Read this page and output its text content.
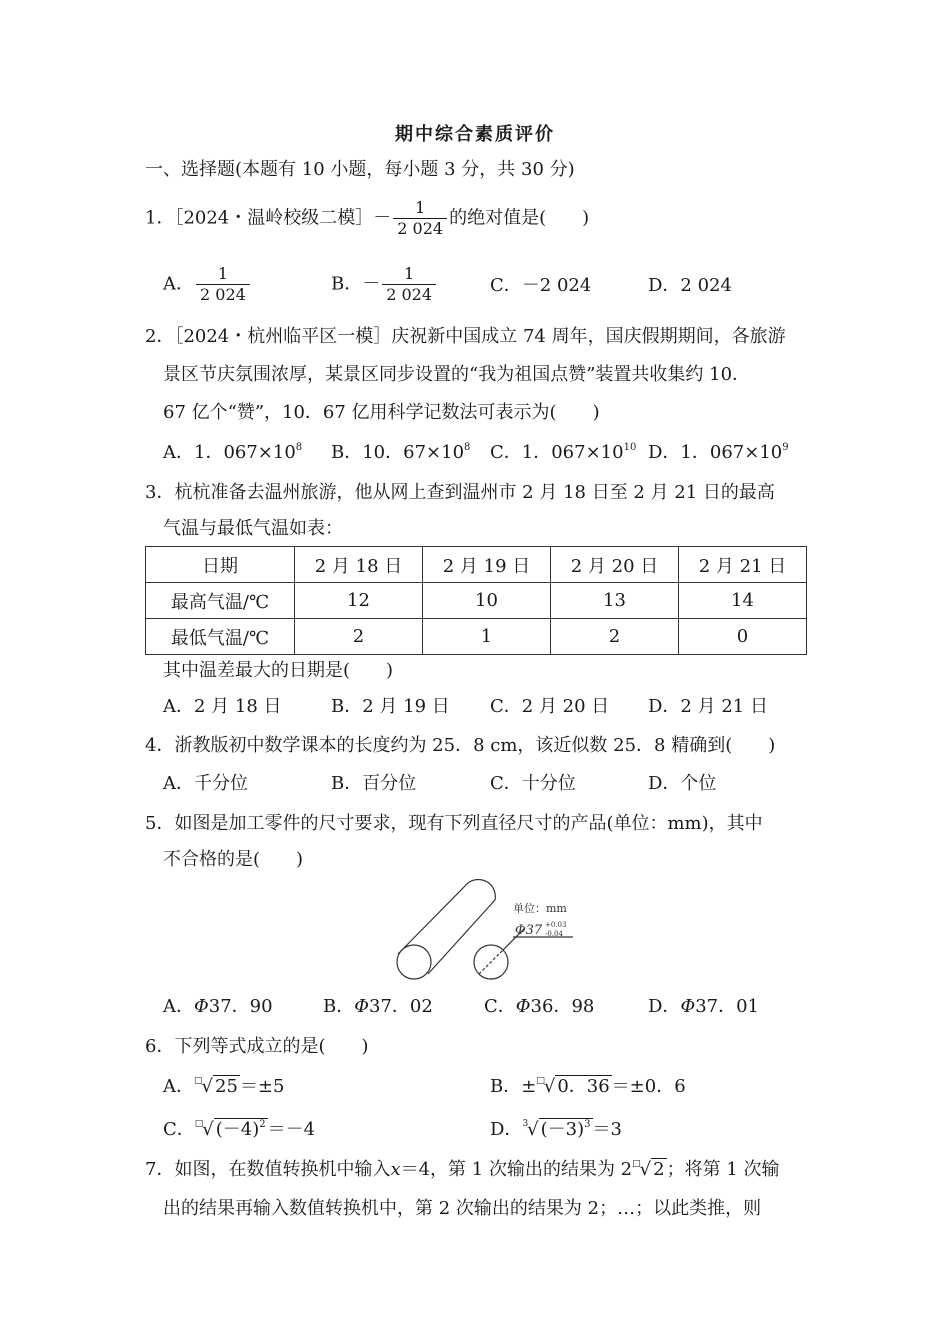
期中综合素质评价
一、选择题(本题有 10 小题，每小题 3 分，共 30 分)
1．［2024・温岭校级二模］－ $\frac{1}{2 024}$ 的绝对值是(　　)
A． $\frac{1}{2 024}$	B．－ $\frac{1}{2 024}$	C．－2 024	D．2 024
2．［2024・杭州临平区一模］庆祝新中国成立 74 周年，国庆假期期间，各旅游
景区节庆氛围浓厚，某景区同步设置的“我为祖国点赞”装置共收集约 10．
67 亿个“赞”，10．67 亿用科学记数法可表示为(　　)
A．1．$067\times 10^8$ B．10．$67\times 10^8$ C．1．$067\times 10^{10}$ D．1．$067\times 10^9$
3．杭杭准备去温州旅游，他从网上查到温州市 2 月 18 日至 2 月 21 日的最高
气温与最低气温如表：
日期	2 月 18 日	2 月 19 日	2 月 20 日	2 月 21 日
最高气温/℃	12	10	13	14
最低气温/℃	2	1	2	0
其中温差最大的日期是(　　)
A．2 月 18 日	B．2 月 19 日 C．2 月 20 日 D．2 月 21 日
4．浙教版初中数学课本的长度约为 25．8 cm，该近似数 25．8 精确到(　　)
A．千分位	B．百分位	C．十分位	D．个位
5．如图是加工零件的尺寸要求，现有下列直径尺寸的产品(单位：mm)，其中
不合格的是(　　)
单位：mm
Φ37 +0.03
-0.04
A．Φ37．90	B．Φ37．02	C．Φ36．98	D．Φ37．01
6．下列等式成立的是(　　)
A．□√ 25 ＝±5	B．±□√ 0．36 ＝±0．6
C．□√ $(-4)^2 =-4$	D．$^3$√ $(-3)^3 =3$
7．如图，在数值转换机中输入x＝4，第 1 次输出的结果为 2□√ 2 ；将第 1 次输
出的结果再输入数值转换机中，第 2 次输出的结果为 2；…；以此类推，则
